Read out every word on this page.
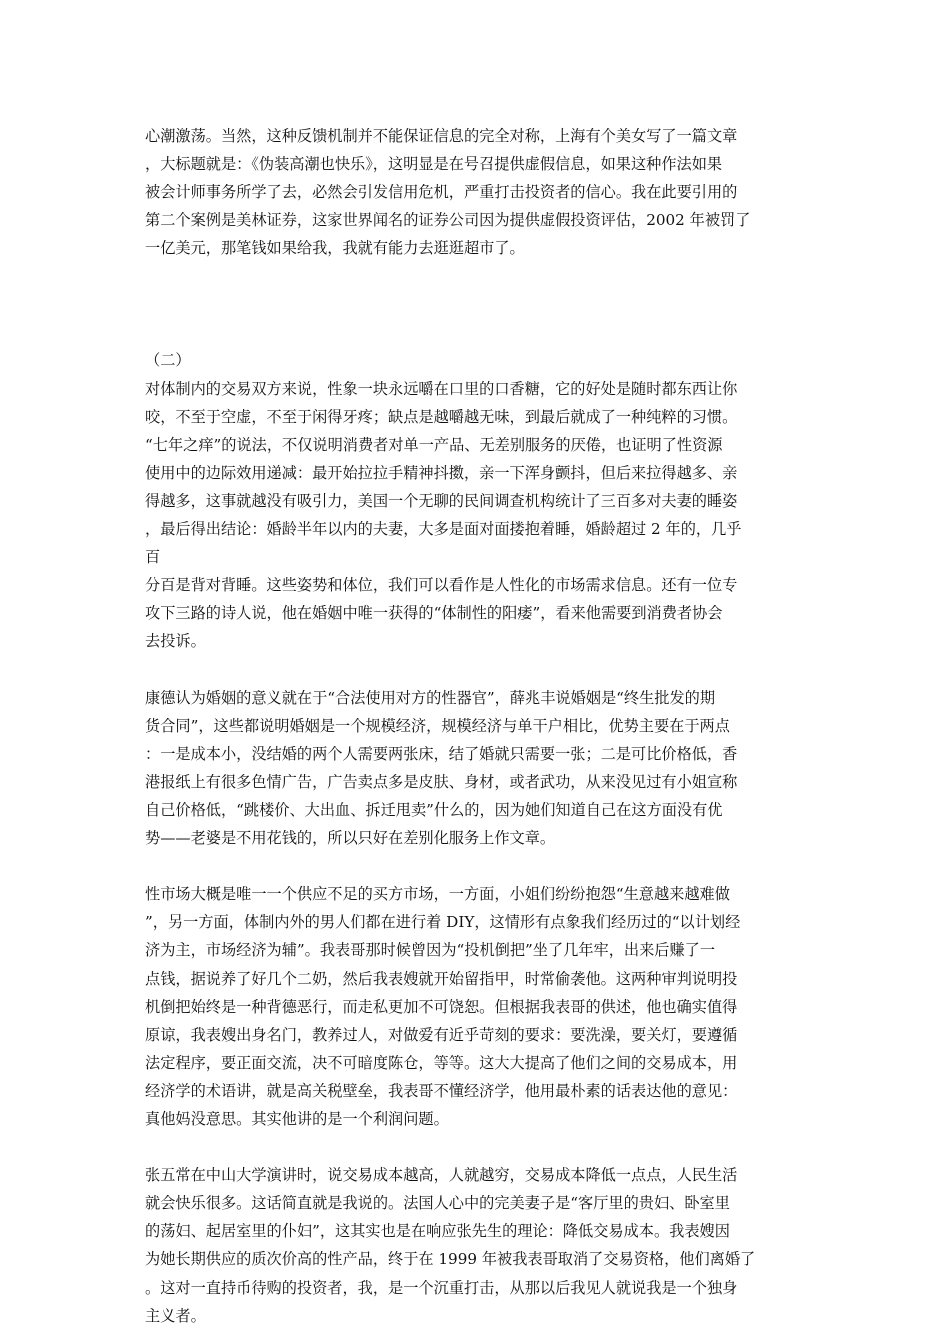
心潮激荡。当然，这种反馈机制并不能保证信息的完全对称，上海有个美女写了一篇文章
，大标题就是：《伪装高潮也快乐》，这明显是在号召提供虚假信息，如果这种作法如果
被会计师事务所学了去，必然会引发信用危机，严重打击投资者的信心。我在此要引用的
第二个案例是美林证券，这家世界闻名的证券公司因为提供虚假投资评估，2002 年被罚了
一亿美元，那笔钱如果给我，我就有能力去逛逛超市了。
（二）
对体制内的交易双方来说，性象一块永远嚼在口里的口香糖，它的好处是随时都东西让你
咬，不至于空虚，不至于闲得牙疼；缺点是越嚼越无味，到最后就成了一种纯粹的习惯。
“七年之痒”的说法，不仅说明消费者对单一产品、无差别服务的厌倦，也证明了性资源
使用中的边际效用递减：最开始拉拉手精神抖擞，亲一下浑身颤抖，但后来拉得越多、亲
得越多，这事就越没有吸引力，美国一个无聊的民间调查机构统计了三百多对夫妻的睡姿
，最后得出结论：婚龄半年以内的夫妻，大多是面对面搂抱着睡，婚龄超过 2 年的，几乎
百
分百是背对背睡。这些姿势和体位，我们可以看作是人性化的市场需求信息。还有一位专
攻下三路的诗人说，他在婚姻中唯一获得的“体制性的阳痿”，看来他需要到消费者协会
去投诉。
康德认为婚姻的意义就在于“合法使用对方的性器官”，薛兆丰说婚姻是“终生批发的期
货合同”，这些都说明婚姻是一个规模经济，规模经济与单干户相比，优势主要在于两点
：一是成本小，没结婚的两个人需要两张床，结了婚就只需要一张；二是可比价格低，香
港报纸上有很多色情广告，广告卖点多是皮肤、身材，或者武功，从来没见过有小姐宣称
自己价格低，“跳楼价、大出血、拆迁甩卖”什么的，因为她们知道自己在这方面没有优
势——老婆是不用花钱的，所以只好在差别化服务上作文章。
性市场大概是唯一一个供应不足的买方市场，一方面，小姐们纷纷抱怨“生意越来越难做
”，另一方面，体制内外的男人们都在进行着 DIY，这情形有点象我们经历过的“以计划经
济为主，市场经济为辅”。我表哥那时候曾因为“投机倒把”坐了几年牢，出来后赚了一
点钱，据说养了好几个二奶，然后我表嫂就开始留指甲，时常偷袭他。这两种审判说明投
机倒把始终是一种背德恶行，而走私更加不可饶恕。但根据我表哥的供述，他也确实值得
原谅，我表嫂出身名门，教养过人，对做爱有近乎苛刻的要求：要洗澡，要关灯，要遵循
法定程序，要正面交流，决不可暗度陈仓，等等。这大大提高了他们之间的交易成本，用
经济学的术语讲，就是高关税壁垒，我表哥不懂经济学，他用最朴素的话表达他的意见：
真他妈没意思。其实他讲的是一个利润问题。
张五常在中山大学演讲时，说交易成本越高，人就越穷，交易成本降低一点点，人民生活
就会快乐很多。这话简直就是我说的。法国人心中的完美妻子是“客厅里的贵妇、卧室里
的荡妇、起居室里的仆妇”，这其实也是在响应张先生的理论：降低交易成本。我表嫂因
为她长期供应的质次价高的性产品，终于在 1999 年被我表哥取消了交易资格，他们离婚了
。这对一直持币待购的投资者，我，是一个沉重打击，从那以后我见人就说我是一个独身
主义者。
